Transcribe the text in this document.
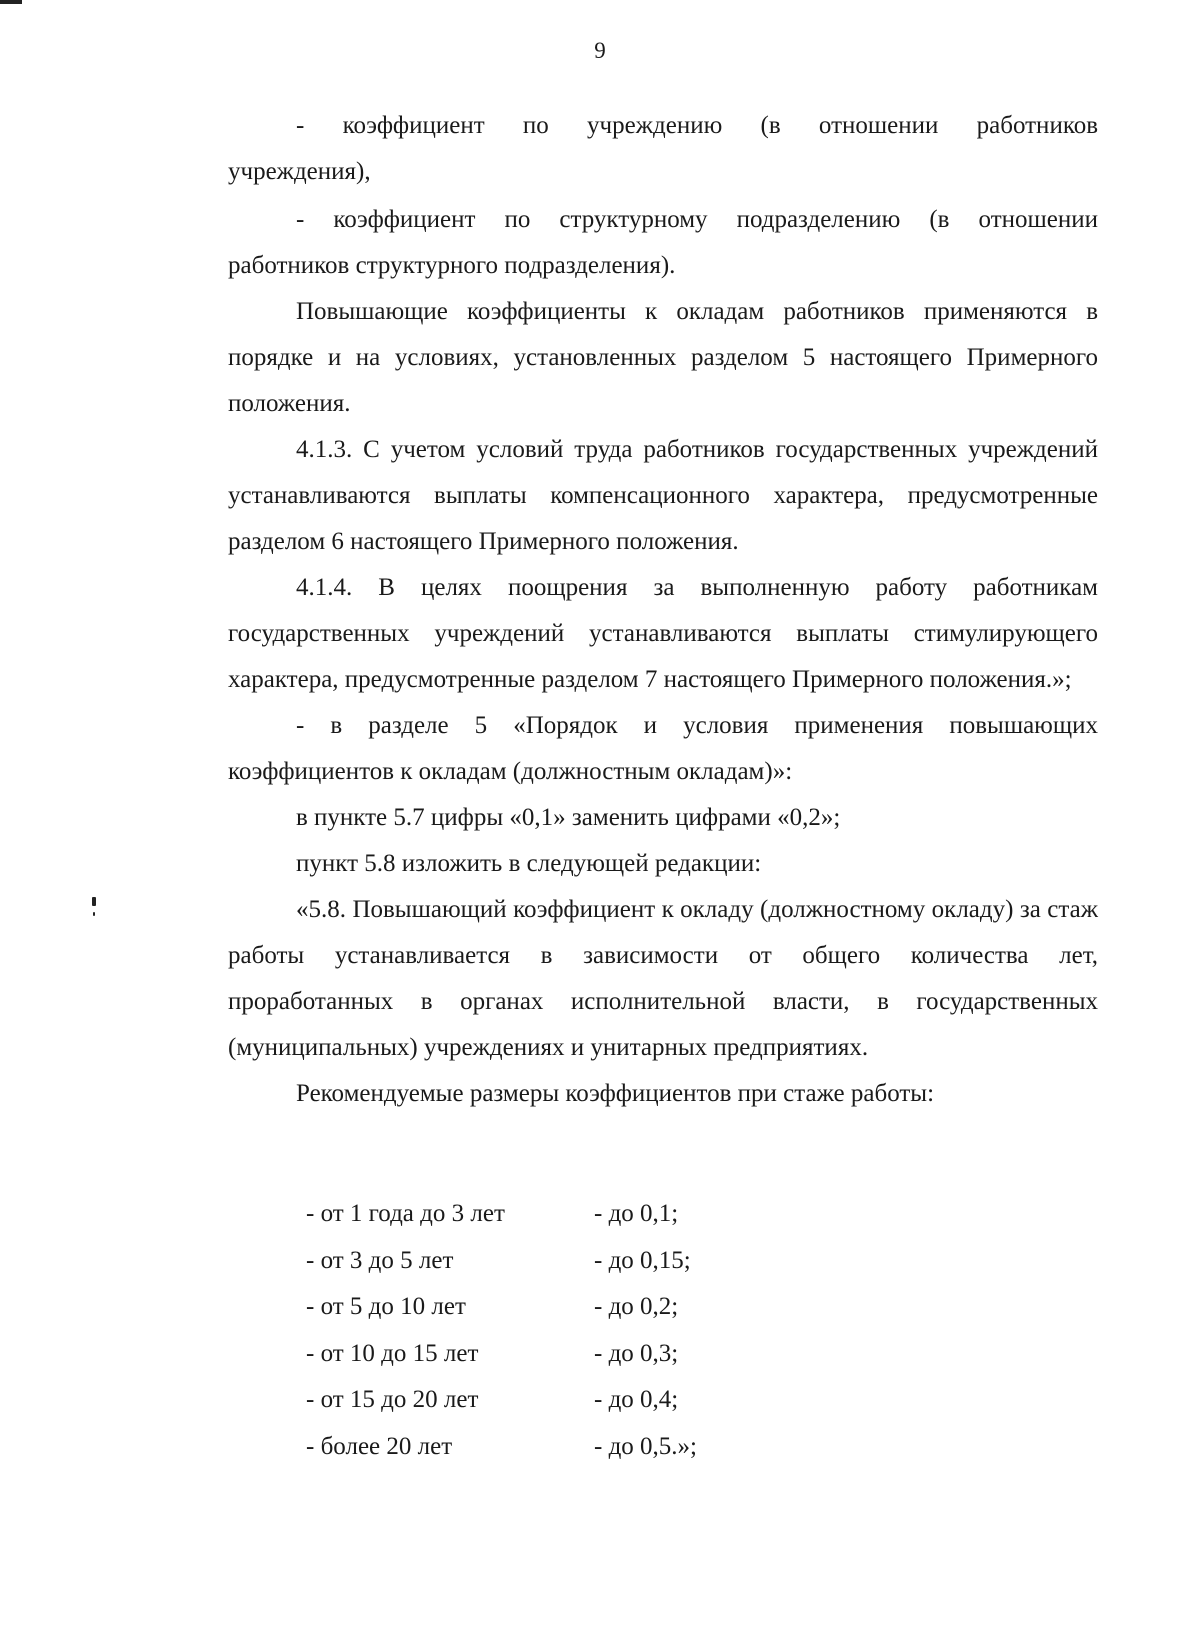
9

- коэффициент по учреждению (в отношении работников

учреждения),

- коэффициент по структурному подразделению (в отношении

работников структурного подразделения).

Повышающие коэффициенты к окладам работников применяются в порядке и на условиях, установленных разделом 5 настоящего Примерного положения.

4.1.3. С учетом условий труда работников государственных учреждений устанавливаются выплаты компенсационного характера, предусмотренные разделом 6 настоящего Примерного положения.

4.1.4. В целях поощрения за выполненную работу работникам государственных учреждений устанавливаются выплаты стимулирующего характера, предусмотренные разделом 7 настоящего Примерного положения.»;

- в разделе 5 «Порядок и условия применения повышающих коэффициентов к окладам (должностным окладам)»:

в пункте 5.7 цифры «0,1» заменить цифрами «0,2»;

пункт 5.8 изложить в следующей редакции:

«5.8. Повышающий коэффициент к окладу (должностному окладу) за стаж работы устанавливается в зависимости от общего количества лет, проработанных в органах исполнительной власти, в государственных (муниципальных) учреждениях и унитарных предприятиях.

Рекомендуемые размеры коэффициентов при стаже работы:

- от 1 года до 3 лет	- до 0,1;
- от 3 до 5 лет	- до 0,15;
- от 5 до 10 лет	- до 0,2;
- от 10 до 15 лет	- до 0,3;
- от 15 до 20 лет	- до 0,4;
- более 20 лет	- до 0,5.»;
